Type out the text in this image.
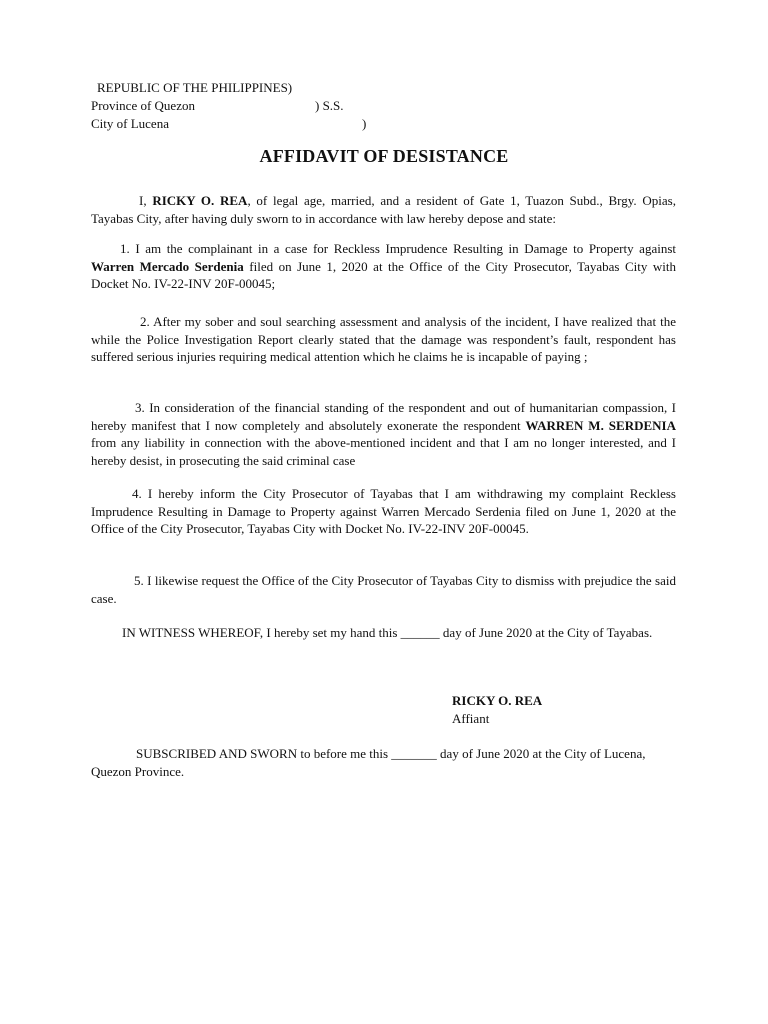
REPUBLIC OF THE PHILIPPINES)
Province of Quezon	) S.S.
City of Lucena	)
AFFIDAVIT OF DESISTANCE

I, RICKY O. REA, of legal age, married, and a resident of Gate 1, Tuazon Subd., Brgy. Opias, Tayabas City, after having duly sworn to in accordance with law hereby depose and state:

1. I am the complainant in a case for Reckless Imprudence Resulting in Damage to Property against Warren Mercado Serdenia filed on June 1, 2020 at the Office of the City Prosecutor, Tayabas City with Docket No. IV-22-INV 20F-00045;

2. After my sober and soul searching assessment and analysis of the incident, I have realized that the while the Police Investigation Report clearly stated that the damage was respondent’s fault, respondent has suffered serious injuries requiring medical attention which he claims he is incapable of paying ;

3. In consideration of the financial standing of the respondent and out of humanitarian compassion, I hereby manifest that I now completely and absolutely exonerate the respondent WARREN M. SERDENIA from any liability in connection with the above-mentioned incident and that I am no longer interested, and I hereby desist, in prosecuting the said criminal case

4. I hereby inform the City Prosecutor of Tayabas that I am withdrawing my complaint Reckless Imprudence Resulting in Damage to Property against Warren Mercado Serdenia filed on June 1, 2020 at the Office of the City Prosecutor, Tayabas City with Docket No. IV-22-INV 20F-00045.

5. I likewise request the Office of the City Prosecutor of Tayabas City to dismiss with prejudice the said case.

IN WITNESS WHEREOF, I hereby set my hand this ______ day of June 2020 at the City of Tayabas.

RICKY O. REA
Affiant

SUBSCRIBED AND SWORN to before me this _______ day of June 2020 at the City of Lucena, Quezon Province.
